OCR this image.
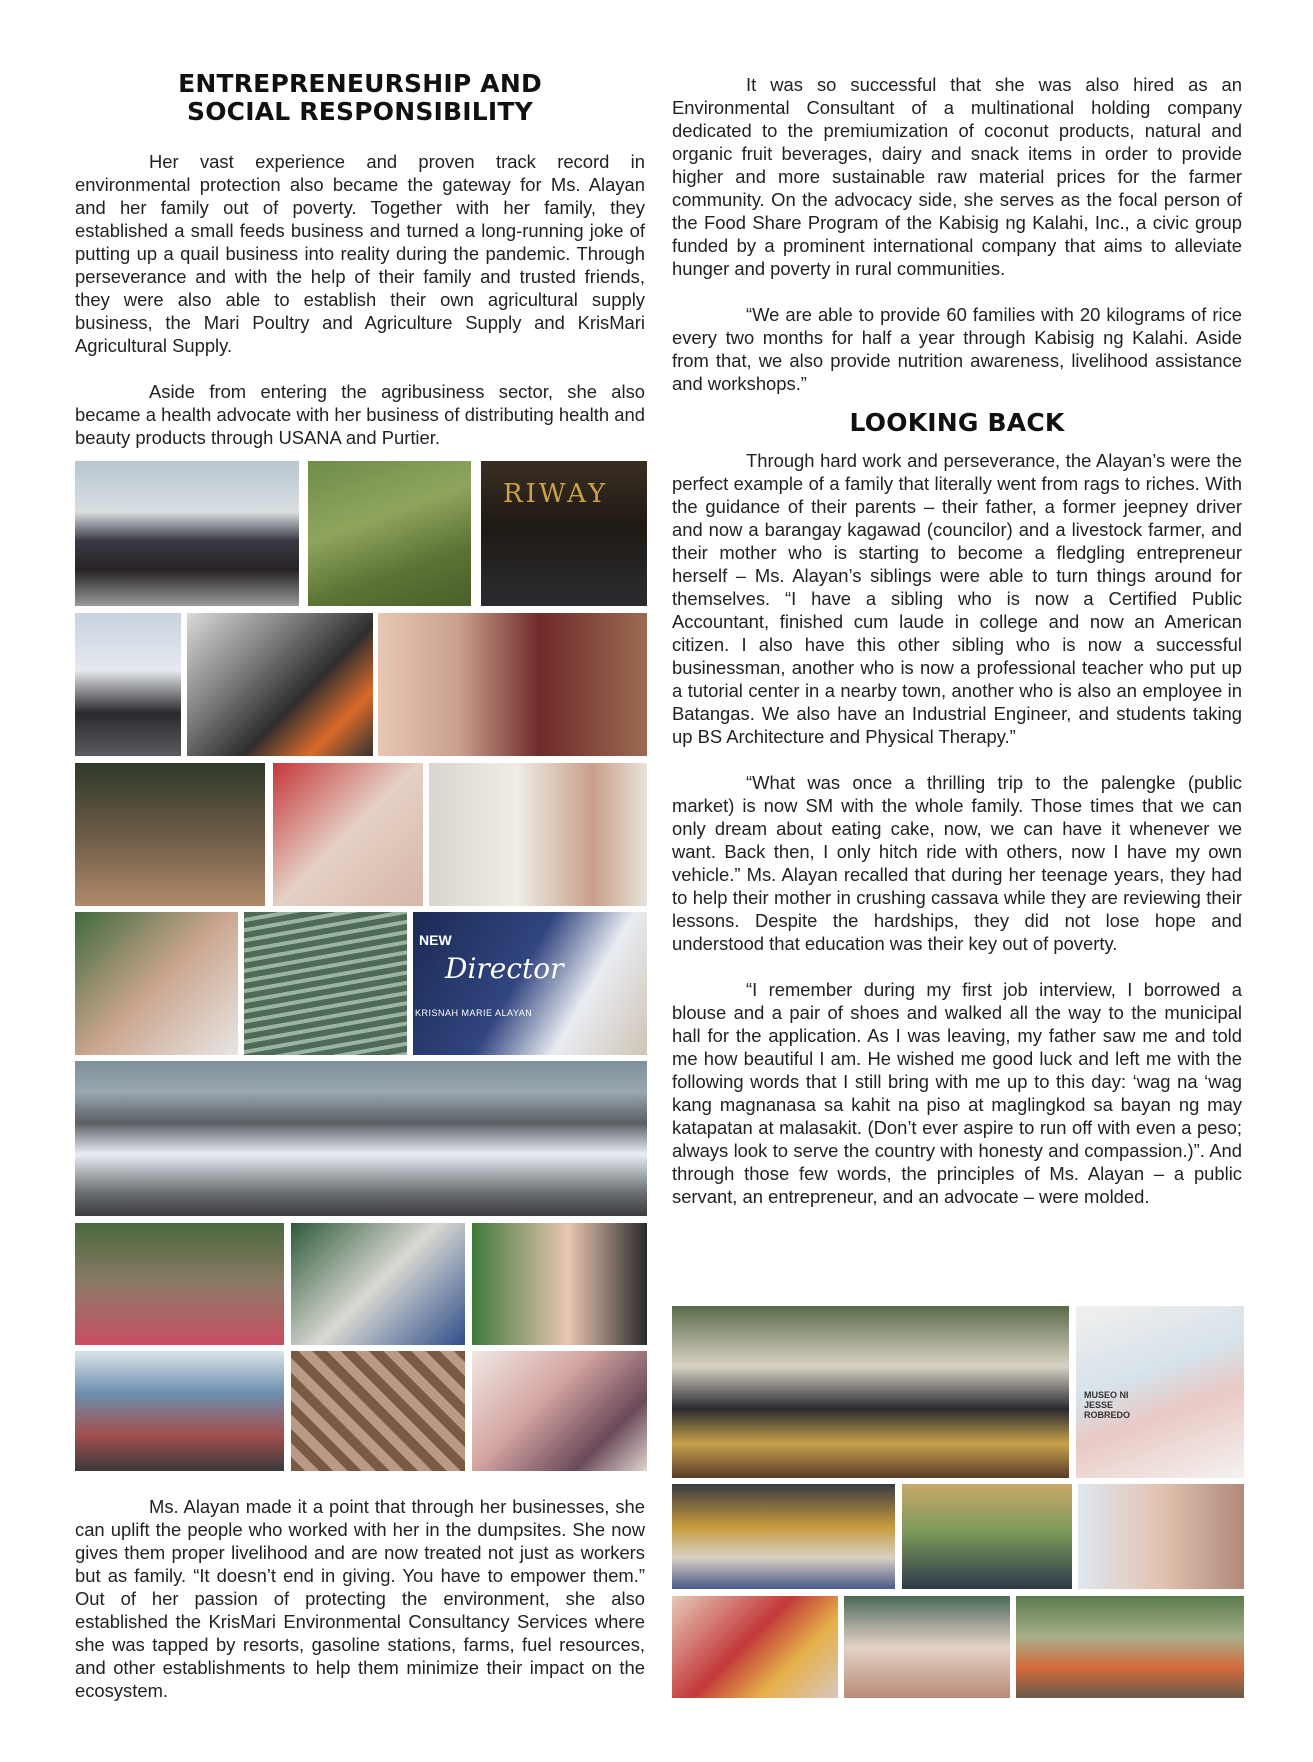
ENTREPRENEURSHIP AND SOCIAL RESPONSIBILITY

Her vast experience and proven track record in environmental protection also became the gateway for Ms. Alayan and her family out of poverty. Together with her family, they established a small feeds business and turned a long-running joke of putting up a quail business into reality during the pandemic. Through perseverance and with the help of their family and trusted friends, they were also able to establish their own agricultural supply business, the Mari Poultry and Agriculture Supply and KrisMari Agricultural Supply.

Aside from entering the agribusiness sector, she also became a health advocate with her business of distributing health and beauty products through USANA and Purtier.

RIWAY
NEW
Director
KRISNAH MARIE ALAYAN

Ms. Alayan made it a point that through her businesses, she can uplift the people who worked with her in the dumpsites. She now gives them proper livelihood and are now treated not just as workers but as family. “It doesn’t end in giving. You have to empower them.” Out of her passion of protecting the environment, she also established the KrisMari Environmental Consultancy Services where she was tapped by resorts, gasoline stations, farms, fuel resources, and other establishments to help them minimize their impact on the ecosystem.

It was so successful that she was also hired as an Environmental Consultant of a multinational holding company dedicated to the premiumization of coconut products, natural and organic fruit beverages, dairy and snack items in order to provide higher and more sustainable raw material prices for the farmer community. On the advocacy side, she serves as the focal person of the Food Share Program of the Kabisig ng Kalahi, Inc., a civic group funded by a prominent international company that aims to alleviate hunger and poverty in rural communities.

“We are able to provide 60 families with 20 kilograms of rice every two months for half a year through Kabisig ng Kalahi. Aside from that, we also provide nutrition awareness, livelihood assistance and workshops.”

LOOKING BACK

Through hard work and perseverance, the Alayan’s were the perfect example of a family that literally went from rags to riches. With the guidance of their parents – their father, a former jeepney driver and now a barangay kagawad (councilor) and a livestock farmer, and their mother who is starting to become a fledgling entrepreneur herself – Ms. Alayan’s siblings were able to turn things around for themselves. “I have a sibling who is now a Certified Public Accountant, finished cum laude in college and now an American citizen. I also have this other sibling who is now a successful businessman, another who is now a professional teacher who put up a tutorial center in a nearby town, another who is also an employee in Batangas. We also have an Industrial Engineer, and students taking up BS Architecture and Physical Therapy.”

“What was once a thrilling trip to the palengke (public market) is now SM with the whole family. Those times that we can only dream about eating cake, now, we can have it whenever we want. Back then, I only hitch ride with others, now I have my own vehicle.” Ms. Alayan recalled that during her teenage years, they had to help their mother in crushing cassava while they are reviewing their lessons. Despite the hardships, they did not lose hope and understood that education was their key out of poverty.

“I remember during my first job interview, I borrowed a blouse and a pair of shoes and walked all the way to the municipal hall for the application. As I was leaving, my father saw me and told me how beautiful I am. He wished me good luck and left me with the following words that I still bring with me up to this day: ‘wag na ‘wag kang magnanasa sa kahit na piso at maglingkod sa bayan ng may katapatan at malasakit. (Don’t ever aspire to run off with even a peso; always look to serve the country with honesty and compassion.)”. And through those few words, the principles of Ms. Alayan – a public servant, an entrepreneur, and an advocate – were molded.

MUSEO NI JESSE ROBREDO
